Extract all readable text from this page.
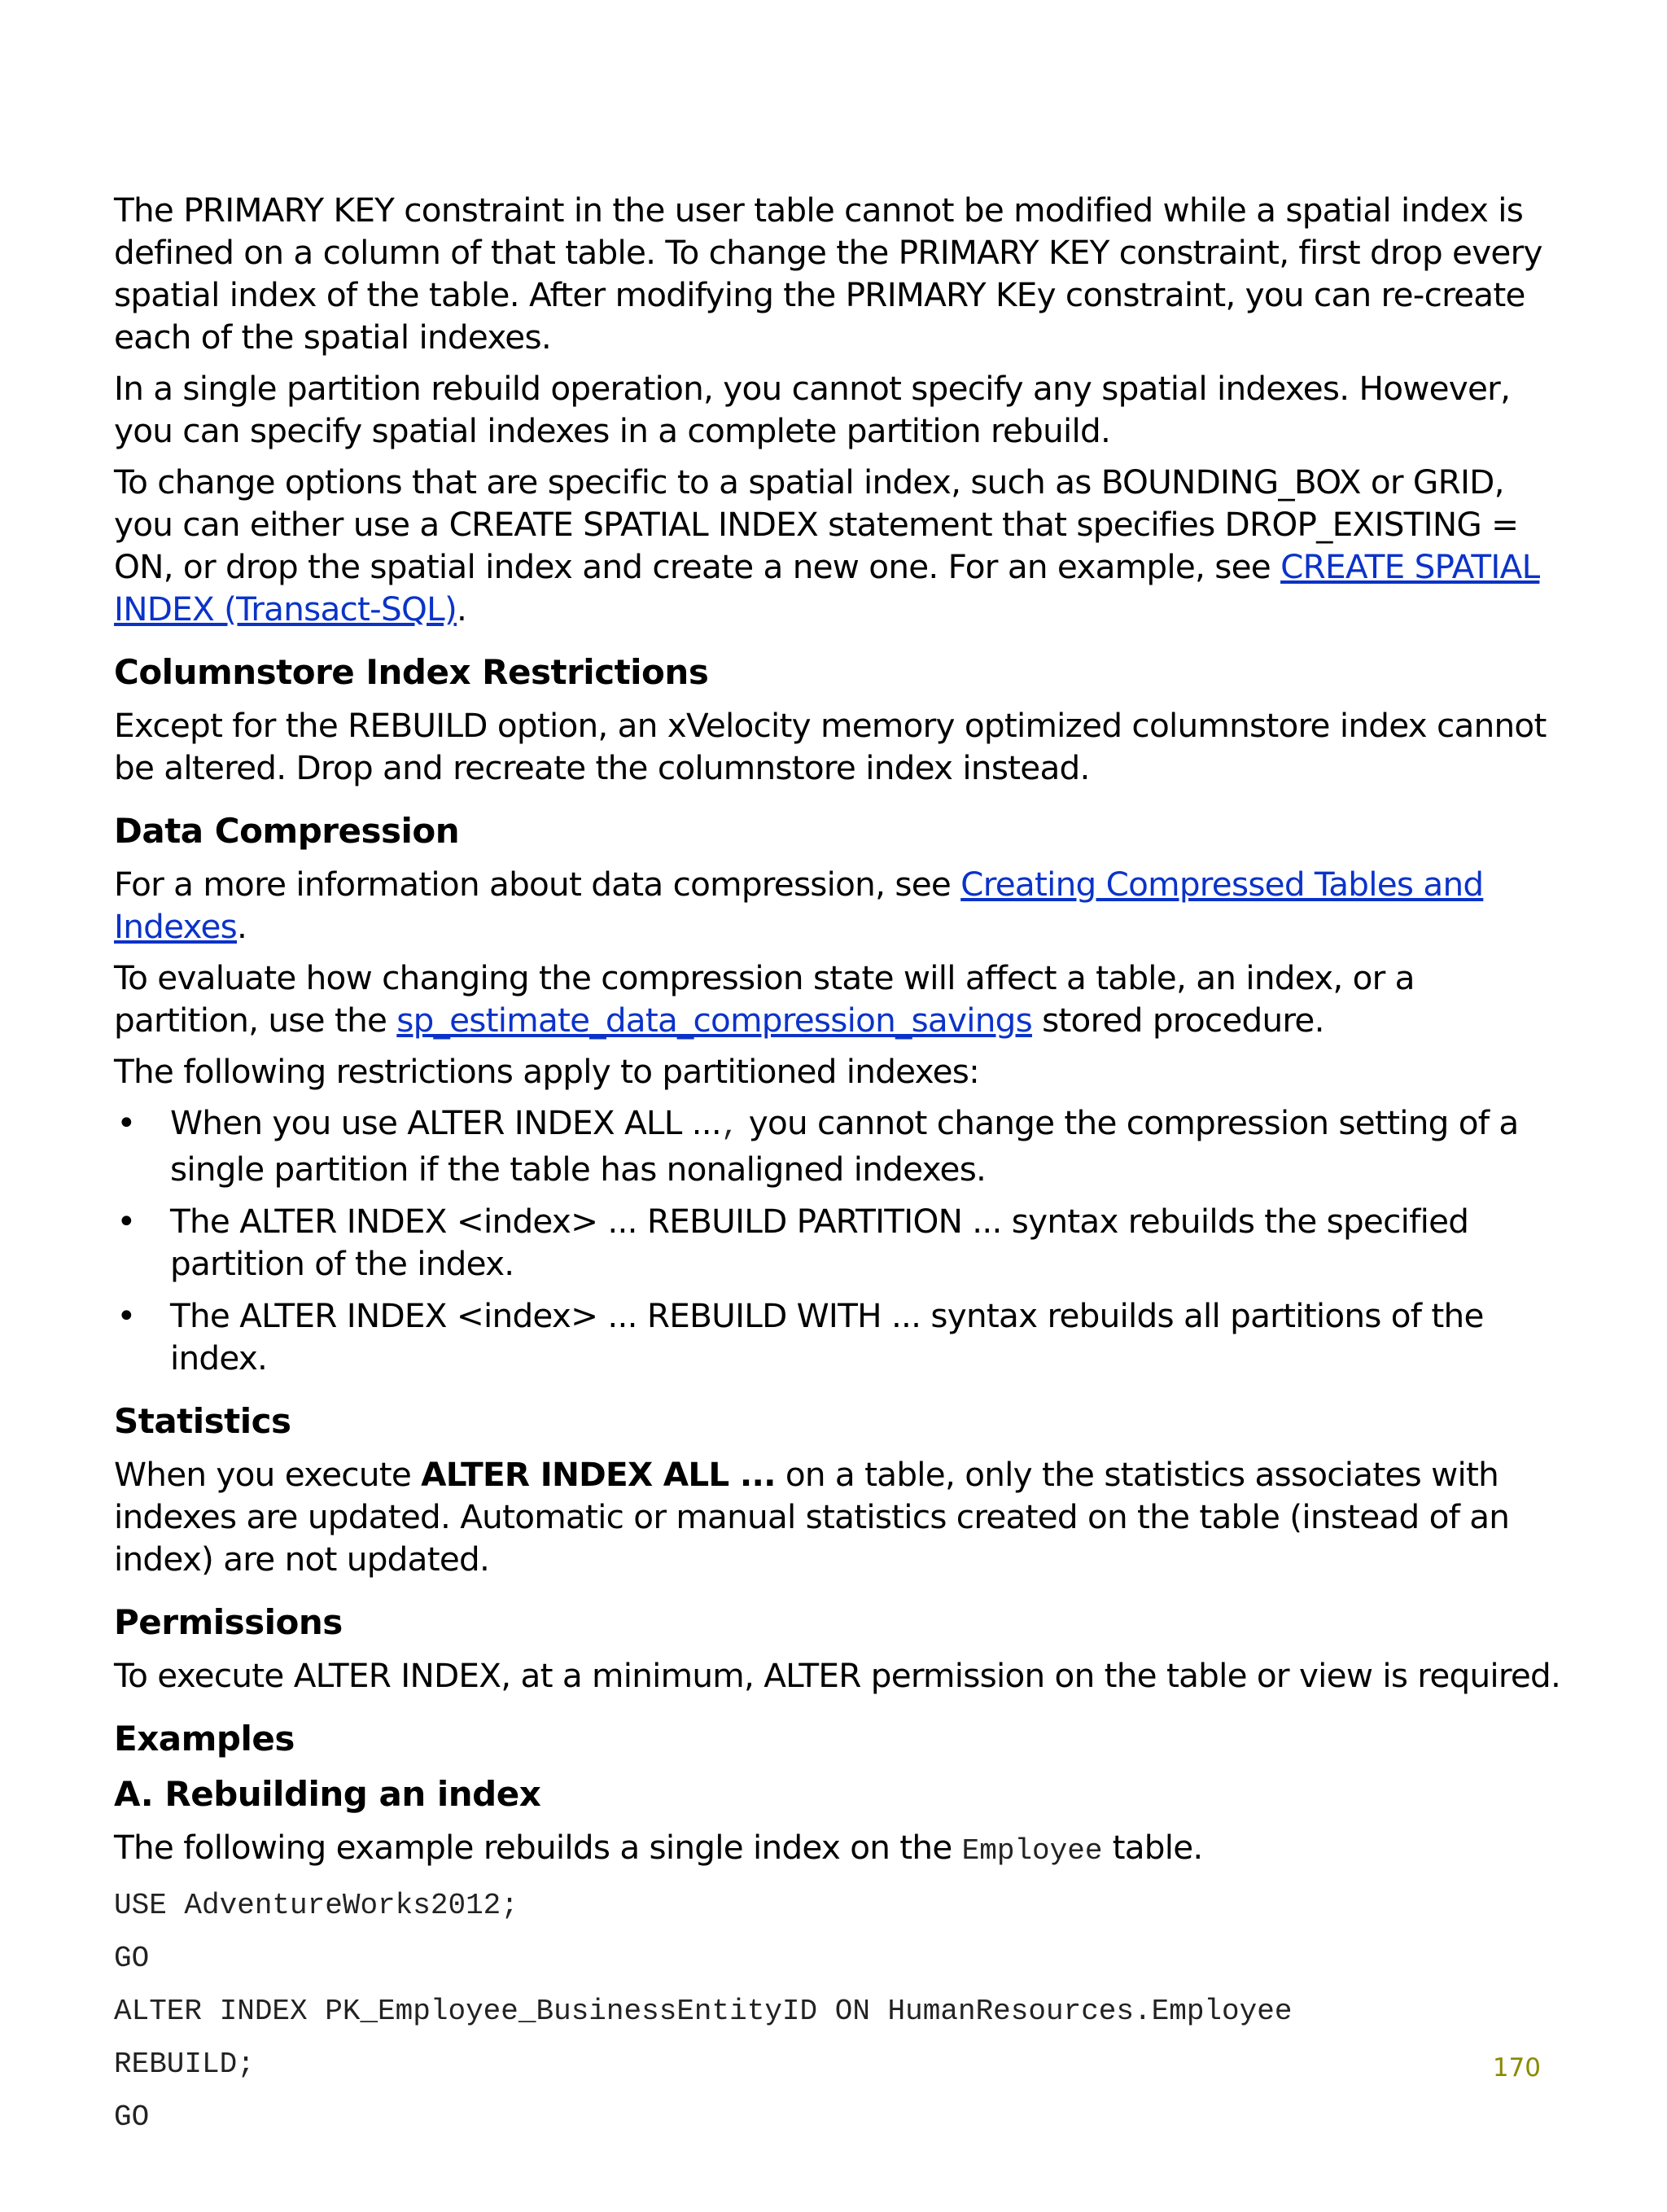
The PRIMARY KEY constraint in the user table cannot be modified while a spatial index is defined on a column of that table. To change the PRIMARY KEY constraint, first drop every spatial index of the table. After modifying the PRIMARY KEy constraint, you can re-create each of the spatial indexes.

In a single partition rebuild operation, you cannot specify any spatial indexes. However, you can specify spatial indexes in a complete partition rebuild.

To change options that are specific to a spatial index, such as BOUNDING_BOX or GRID, you can either use a CREATE SPATIAL INDEX statement that specifies DROP_EXISTING = ON, or drop the spatial index and create a new one. For an example, see CREATE SPATIAL INDEX (Transact-SQL).

Columnstore Index Restrictions

Except for the REBUILD option, an xVelocity memory optimized columnstore index cannot be altered. Drop and recreate the columnstore index instead.

Data Compression

For a more information about data compression, see Creating Compressed Tables and Indexes.

To evaluate how changing the compression state will affect a table, an index, or a partition, use the sp_estimate_data_compression_savings stored procedure.

The following restrictions apply to partitioned indexes:

• When you use ALTER INDEX ALL ..., you cannot change the compression setting of a single partition if the table has nonaligned indexes.
• The ALTER INDEX <index> ... REBUILD PARTITION ... syntax rebuilds the specified partition of the index.
• The ALTER INDEX <index> ... REBUILD WITH ... syntax rebuilds all partitions of the index.
Statistics

When you execute ALTER INDEX ALL ... on a table, only the statistics associates with indexes are updated. Automatic or manual statistics created on the table (instead of an index) are not updated.

Permissions

To execute ALTER INDEX, at a minimum, ALTER permission on the table or view is required.

Examples
A. Rebuilding an index

The following example rebuilds a single index on the Employee table.

USE AdventureWorks2012;
GO
ALTER INDEX PK_Employee_BusinessEntityID ON HumanResources.Employee
REBUILD;
GO
170
